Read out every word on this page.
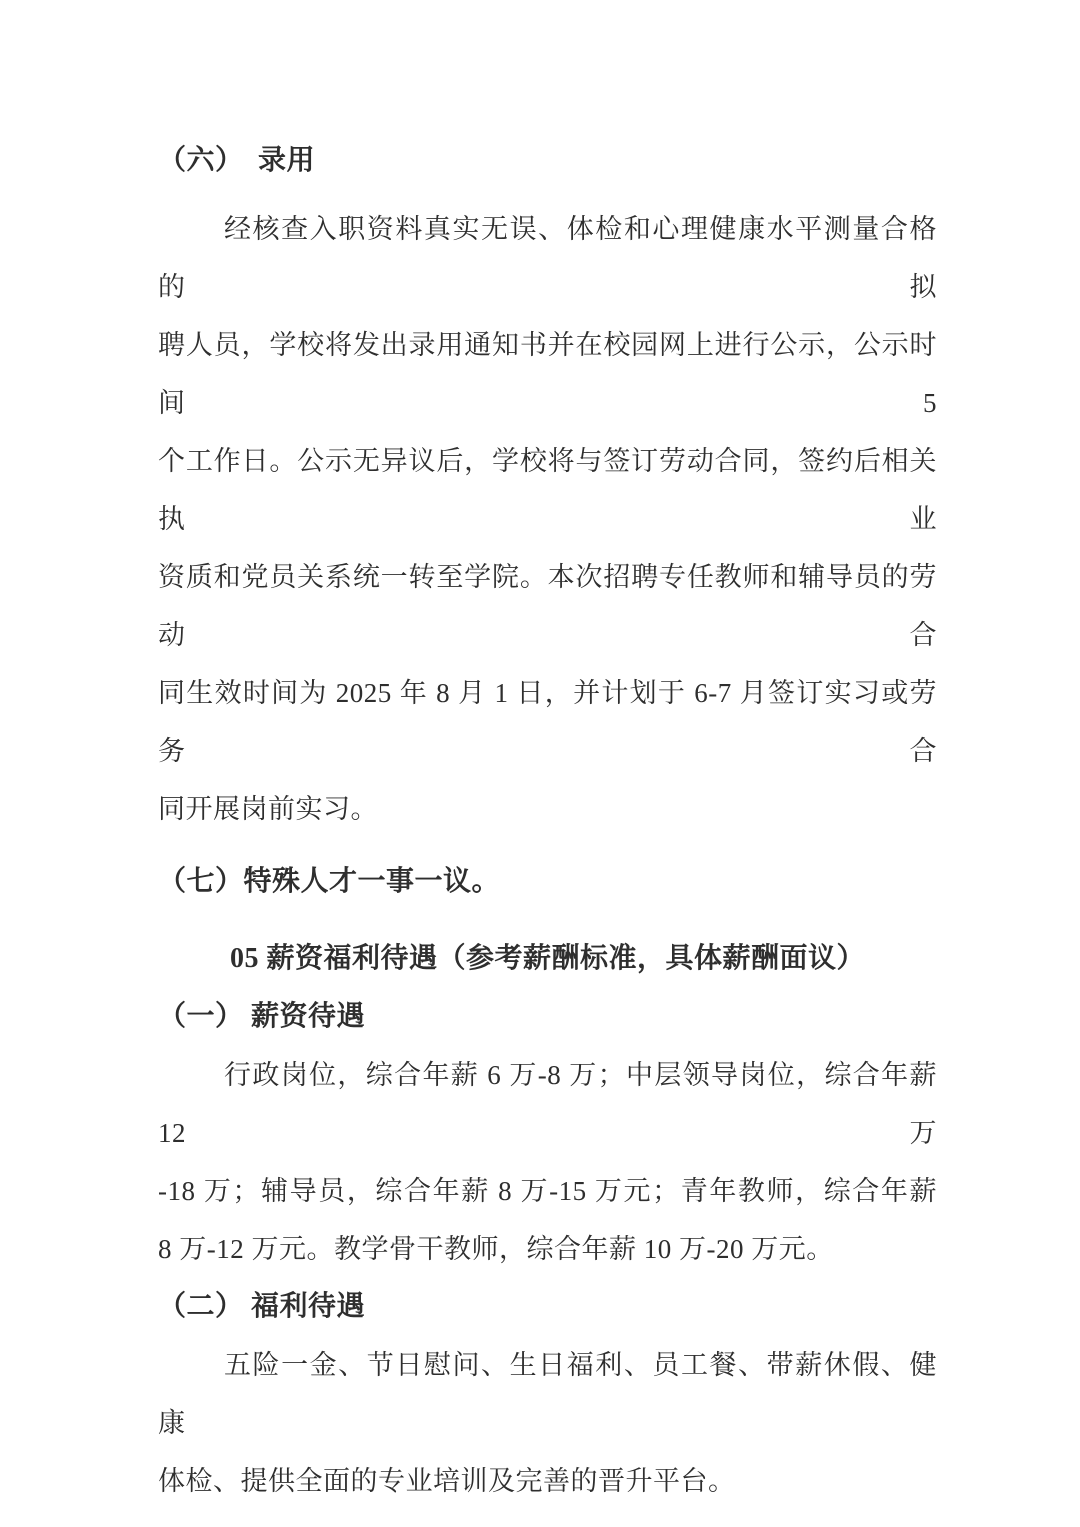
（六）　录用
经核查入职资料真实无误、体检和心理健康水平测量合格的拟
聘人员，学校将发出录用通知书并在校园网上进行公示，公示时间 5
个工作日。公示无异议后，学校将与签订劳动合同，签约后相关执业
资质和党员关系统一转至学院。本次招聘专任教师和辅导员的劳动合
同生效时间为 2025 年 8 月 1 日，并计划于 6-7 月签订实习或劳务合
同开展岗前实习。
（七）特殊人才一事一议。
05 薪资福利待遇（参考薪酬标准，具体薪酬面议）
（一） 薪资待遇
行政岗位，综合年薪 6 万-8 万；中层领导岗位，综合年薪 12 万
-18 万；辅导员，综合年薪 8 万-15 万元；青年教师，综合年薪
8 万-12 万元。教学骨干教师，综合年薪 10 万-20 万元。
（二） 福利待遇
五险一金、节日慰问、生日福利、员工餐、带薪休假、健康
体检、提供全面的专业培训及完善的晋升平台。
